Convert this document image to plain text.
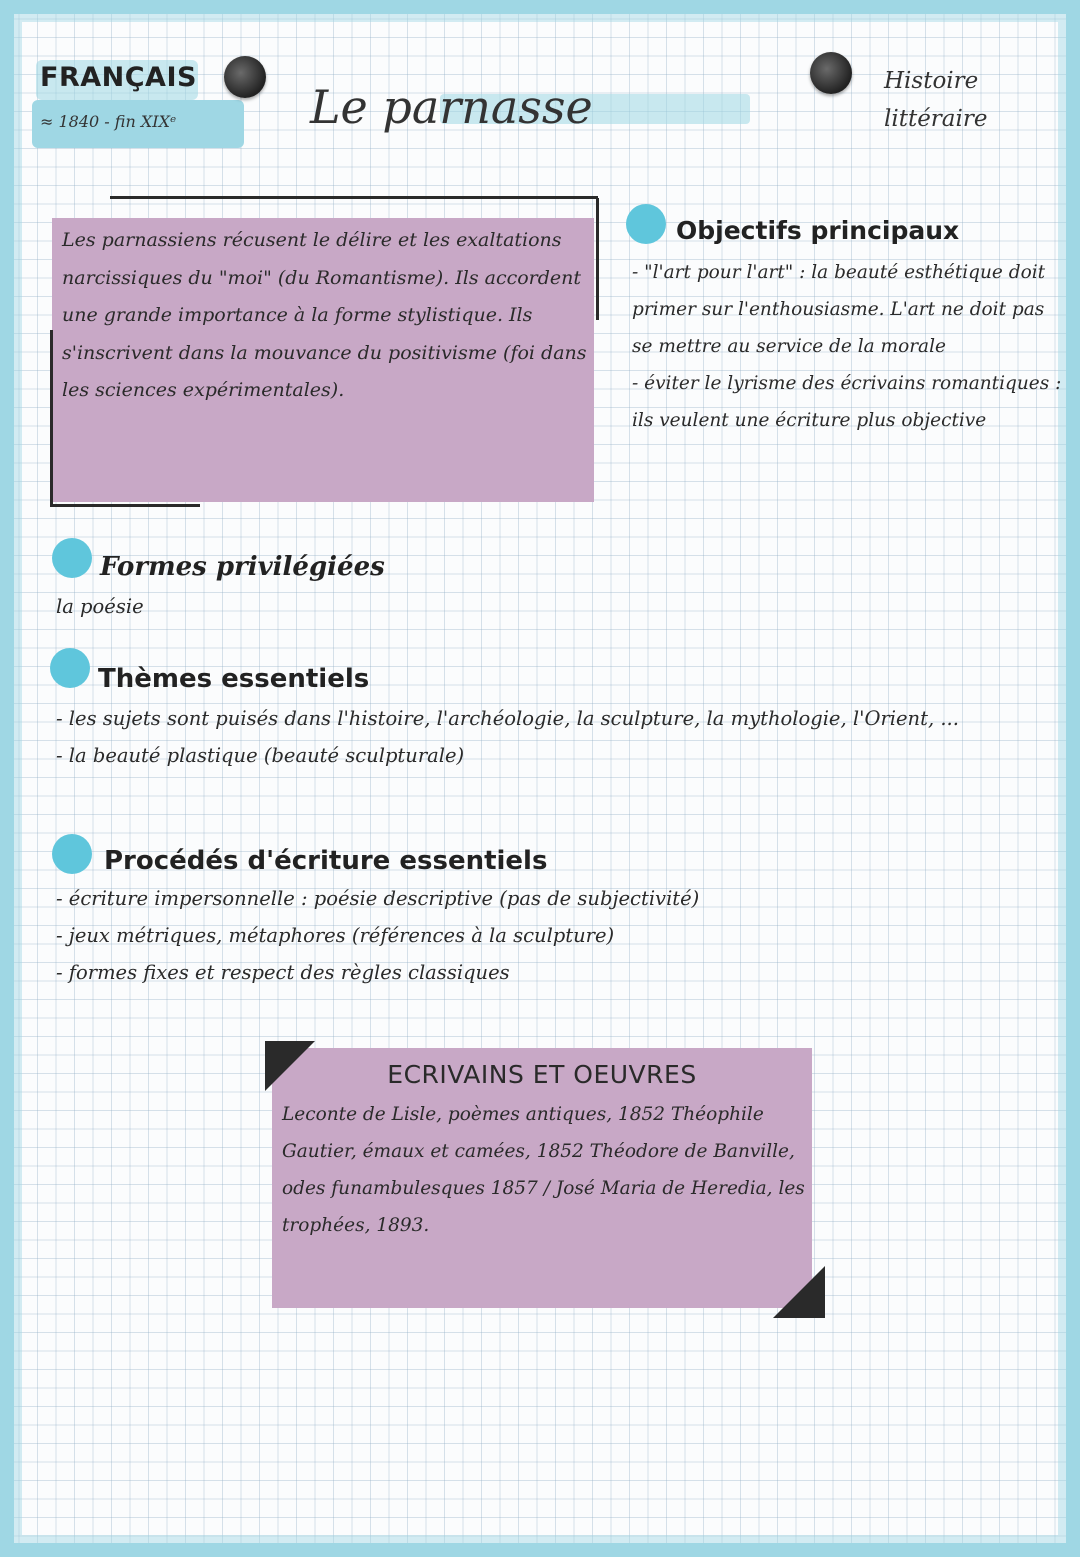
FRANÇAIS
≈ 1840 - fin XIXᵉ	Le parnasse	Histoire
littéraire
Les parnassiens récusent le délire et les exaltations narcissiques du "moi" (du Romantisme). Ils accordent une grande importance à la forme stylistique. Ils s'inscrivent dans la mouvance du positivisme (foi dans les sciences expérimentales).
Objectifs principaux
- "l'art pour l'art" : la beauté esthétique doit primer sur l'enthousiasme. L'art ne doit pas se mettre au service de la morale
- éviter le lyrisme des écrivains romantiques : ils veulent une écriture plus objective
Formes privilégiées
la poésie
Thèmes essentiels
- les sujets sont puisés dans l'histoire, l'archéologie, la sculpture, la mythologie, l'Orient, ...
- la beauté plastique (beauté sculpturale)
Procédés d'écriture essentiels
- écriture impersonnelle : poésie descriptive (pas de subjectivité)
- jeux métriques, métaphores (références à la sculpture)
- formes fixes et respect des règles classiques
ECRIVAINS ET OEUVRES
Leconte de Lisle, poèmes antiques, 1852 Théophile Gautier, émaux et camées, 1852 Théodore de Banville, odes funambulesques 1857 / José Maria de Heredia, les trophées, 1893.
